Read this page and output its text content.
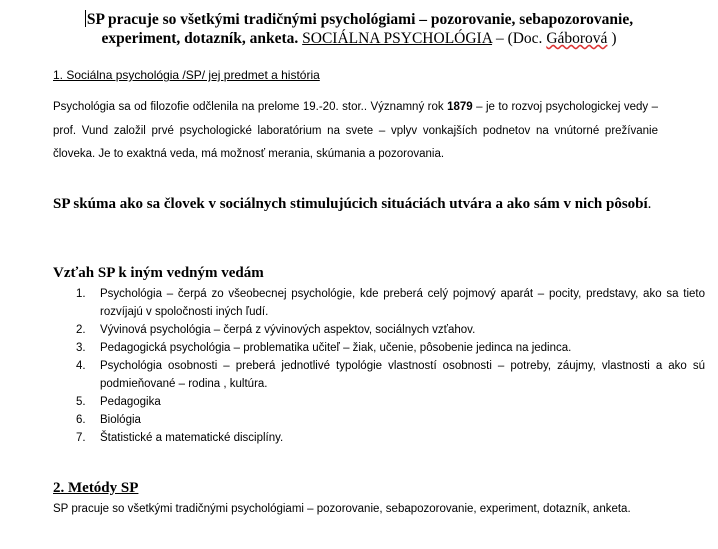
SP pracuje so všetkými tradičnými psychológiami – pozorovanie, sebapozorovanie, experiment, dotazník, anketa. SOCIÁLNA PSYCHOLÓGIA – (Doc. Gáborová )
1. Sociálna psychológia /SP/ jej predmet a história
Psychológia sa od filozofie odčlenila na prelome 19.-20. stor.. Významný rok 1879 – je to rozvoj psychologickej vedy – prof. Vund založil prvé psychologické laboratórium na svete – vplyv vonkajších podnetov na vnútorné prežívanie človeka. Je to exaktná veda, má možnosť merania, skúmania a pozorovania.
SP skúma ako sa človek v sociálnych stimulujúcich situáciách utvára a ako sám v nich pôsobí.
Vzťah SP k iným vedným vedám
1. Psychológia – čerpá zo všeobecnej psychológie, kde preberá celý pojmový aparát – pocity, predstavy, ako sa tieto rozvíjajú v spoločnosti iných ľudí.
2. Vývinová psychológia – čerpá z vývinových aspektov, sociálnych vzťahov.
3. Pedagogická psychológia – problematika učiteľ – žiak, učenie, pôsobenie jedinca na jedinca.
4. Psychológia osobnosti – preberá jednotlivé typológie vlastností osobnosti – potreby, záujmy, vlastnosti a ako sú podmieňované – rodina , kultúra.
5. Pedagogika
6. Biológia
7. Štatistické a matematické disciplíny.
2. Metódy SP
SP pracuje so všetkými tradičnými psychológiami – pozorovanie, sebapozorovanie, experiment, dotazník, anketa.
